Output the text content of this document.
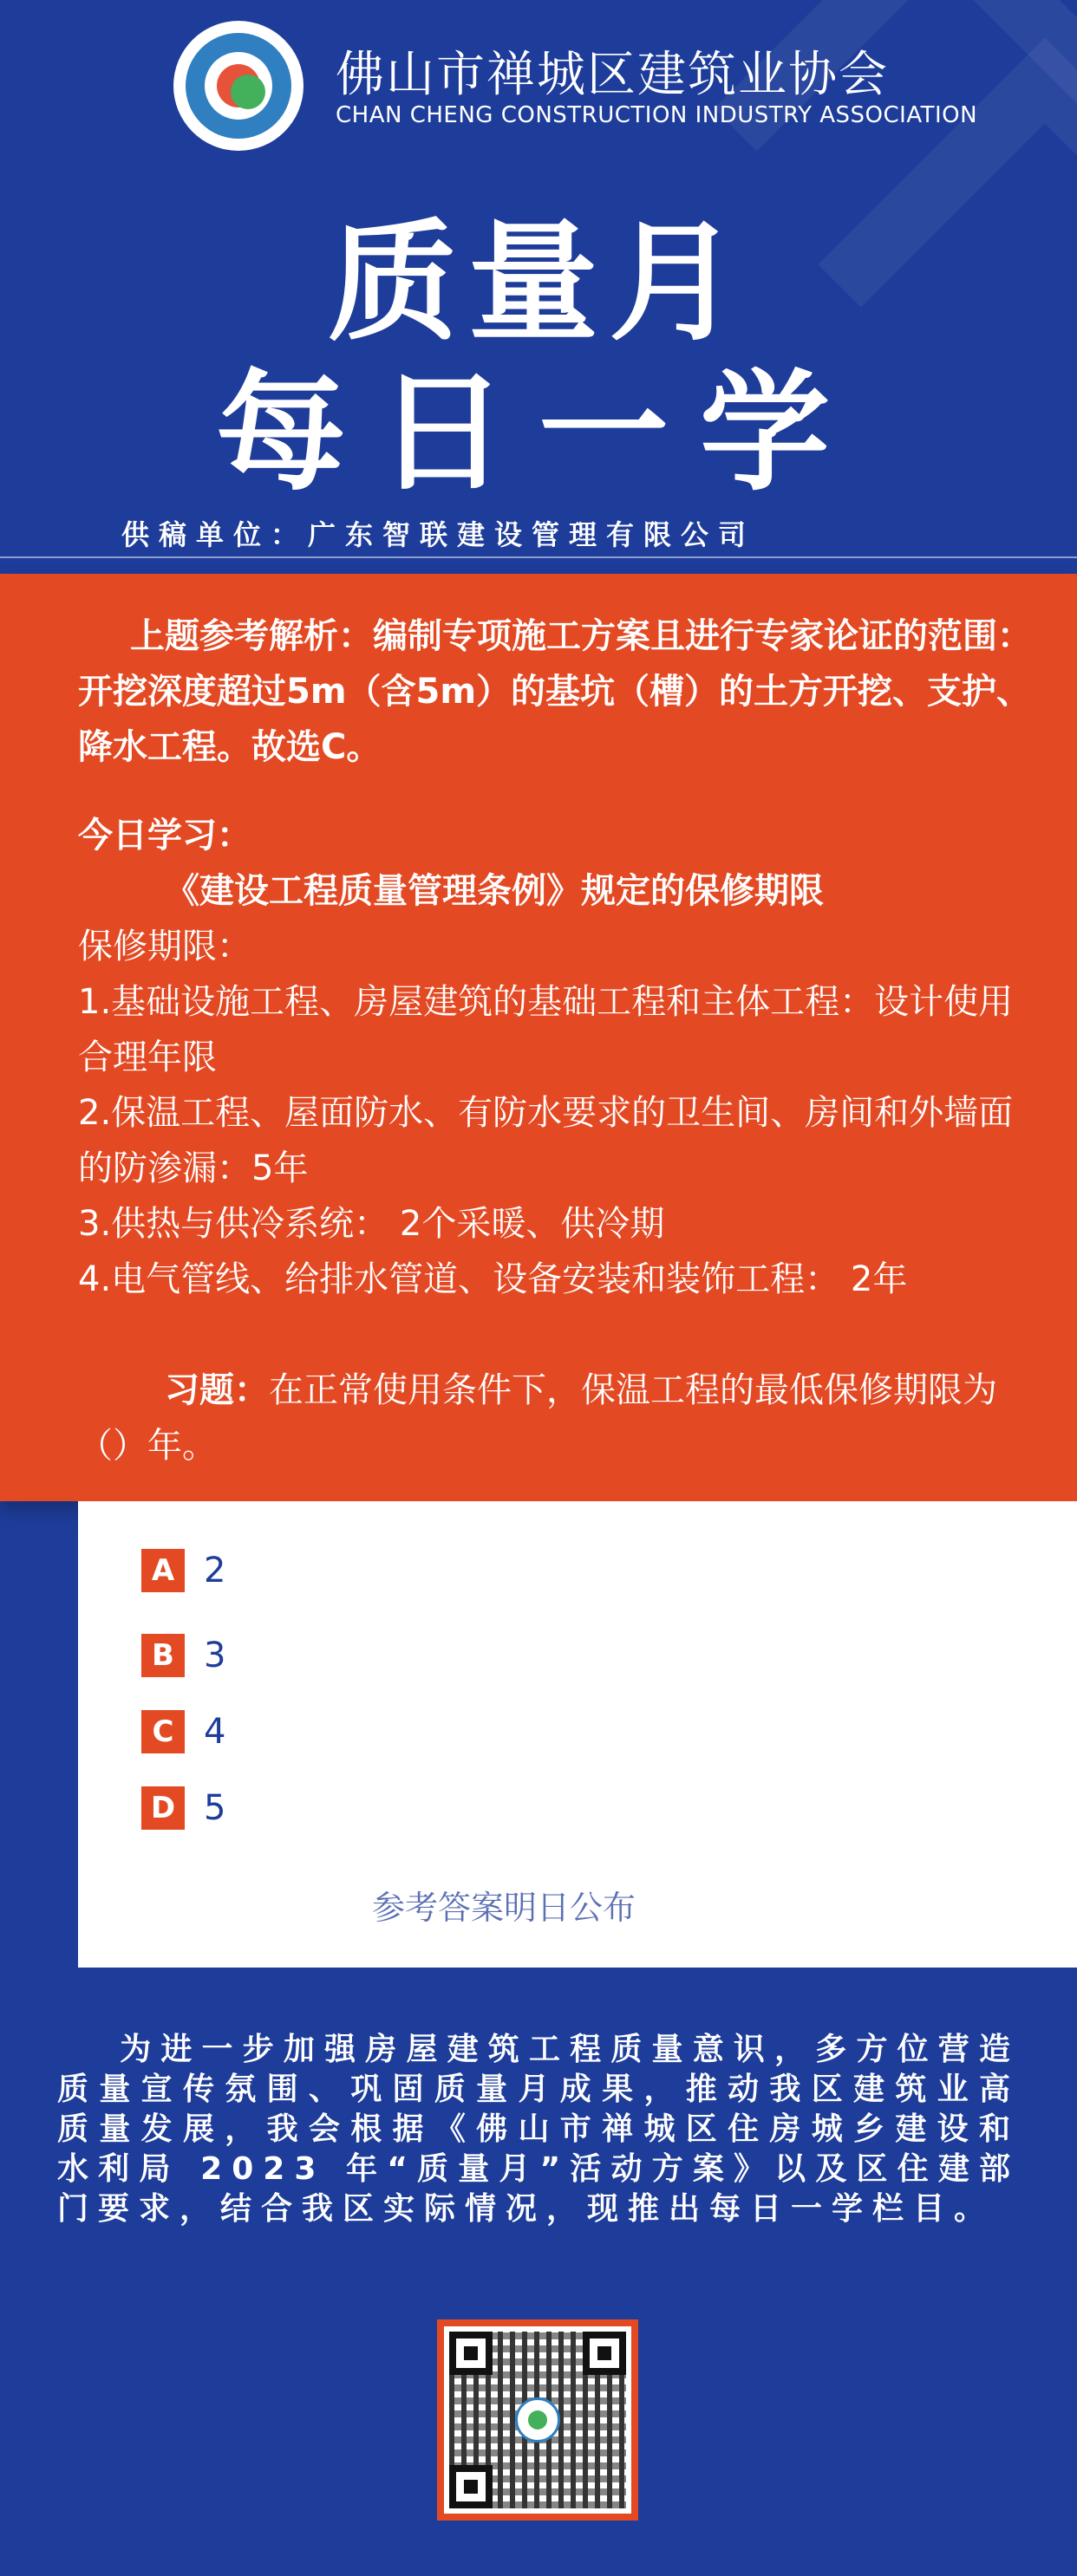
佛山市禅城区建筑业协会
CHAN CHENG CONSTRUCTION INDUSTRY ASSOCIATION
质量月
每日一学
供稿单位：广东智联建设管理有限公司
上题参考解析：编制专项施工方案且进行专家论证的范围：开挖深度超过5m（含5m）的基坑（槽）的土方开挖、支护、降水工程。故选C。
今日学习：
《建设工程质量管理条例》规定的保修期限
保修期限：
1.基础设施工程、房屋建筑的基础工程和主体工程：设计使用合理年限
2.保温工程、屋面防水、有防水要求的卫生间、房间和外墙面的防渗漏：5年
3.供热与供冷系统： 2个采暖、供冷期
4.电气管线、给排水管道、设备安装和装饰工程： 2年
习题：在正常使用条件下，保温工程的最低保修期限为（）年。
A 2
B 3
C 4
D 5
参考答案明日公布
为进一步加强房屋建筑工程质量意识，多方位营造质量宣传氛围、巩固质量月成果，推动我区建筑业高质量发展，我会根据《佛山市禅城区住房城乡建设和水利局 2023 年“质量月”活动方案》以及区住建部门要求，结合我区实际情况，现推出每日一学栏目。
